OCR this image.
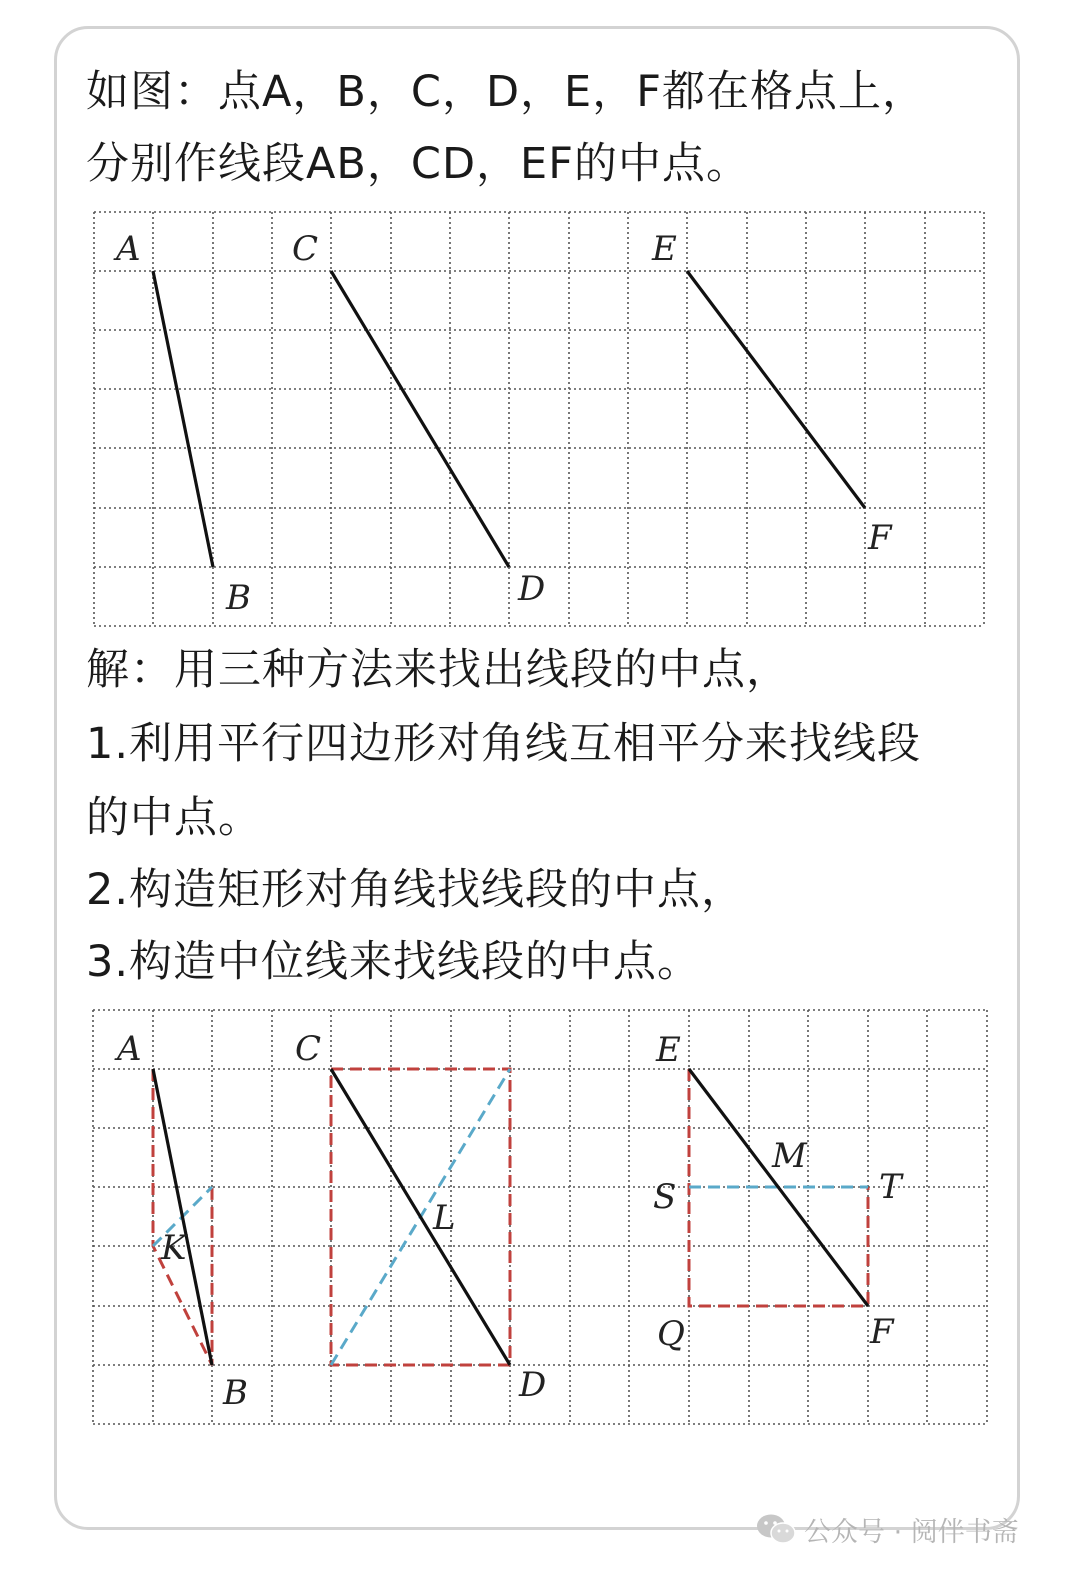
如图：点A，B，C，D，E，F都在格点上，
分别作线段AB，CD，EF的中点。
A
B
C
D
E
F
解：用三种方法来找出线段的中点，
1.利用平行四边形对角线互相平分来找线段
的中点。
2.构造矩形对角线找线段的中点，
3.构造中位线来找线段的中点。
A
B
K
C
D
L
E
M
S	T
Q	F
公众号 · 阅伴书斋
